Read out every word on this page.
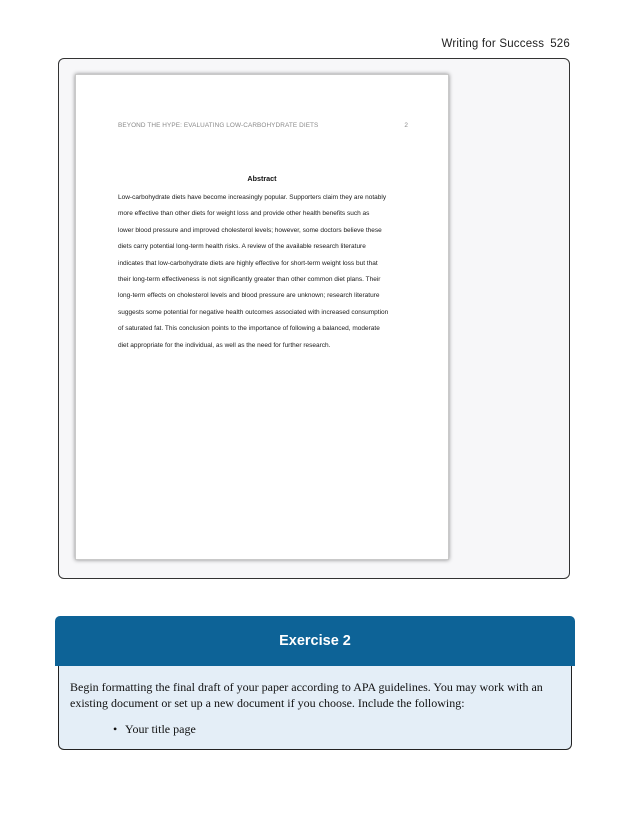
Writing for Success 526
BEYOND THE HYPE: EVALUATING LOW-CARBOHYDRATE DIETS	2
Abstract

Low-carbohydrate diets have become increasingly popular. Supporters claim they are notably
more effective than other diets for weight loss and provide other health benefits such as
lower blood pressure and improved cholesterol levels; however, some doctors believe these
diets carry potential long-term health risks. A review of the available research literature
indicates that low-carbohydrate diets are highly effective for short-term weight loss but that
their long-term effectiveness is not significantly greater than other common diet plans. Their
long-term effects on cholesterol levels and blood pressure are unknown; research literature
suggests some potential for negative health outcomes associated with increased consumption
of saturated fat. This conclusion points to the importance of following a balanced, moderate
diet appropriate for the individual, as well as the need for further research.

Exercise 2

Begin formatting the final draft of your paper according to APA guidelines. You may work with an existing document or set up a new document if you choose. Include the following:

• Your title page
